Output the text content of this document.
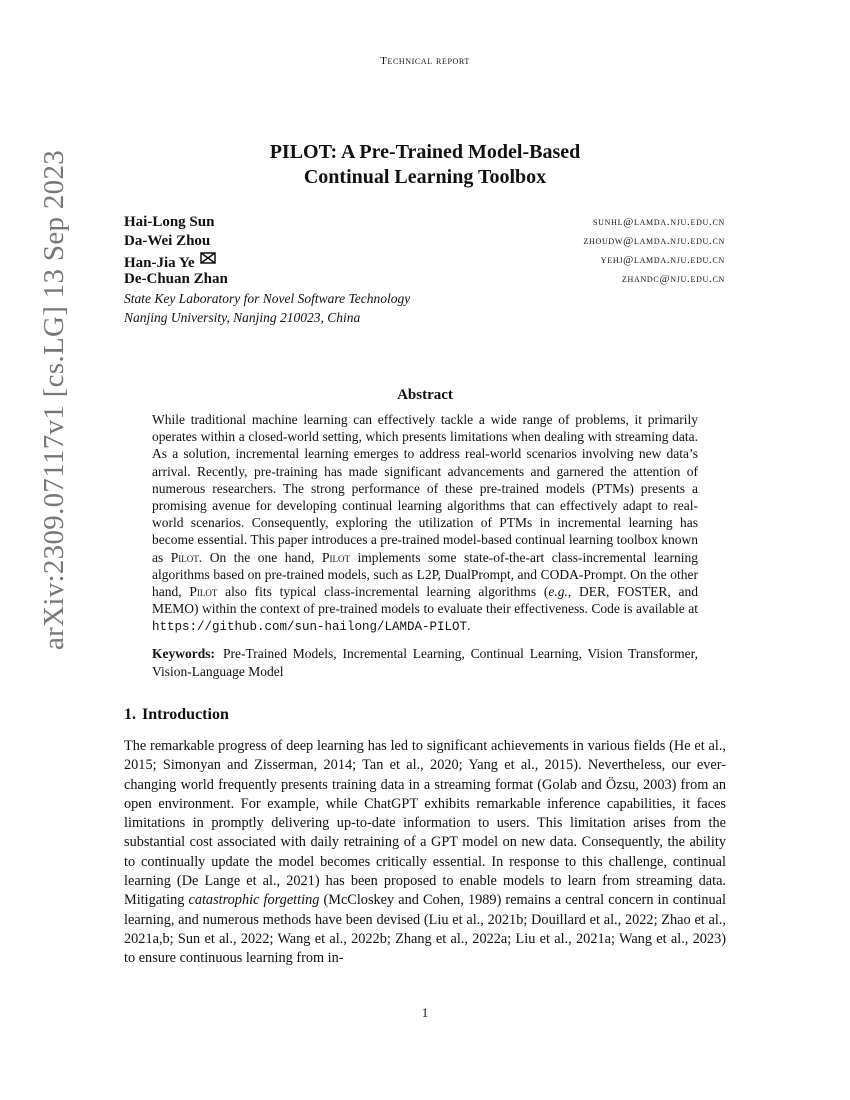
Technical report
arXiv:2309.07117v1 [cs.LG] 13 Sep 2023	PILOT: A Pre-Trained Model-Based
Continual Learning Toolbox
Hai-Long Sun
Da-Wei Zhou
Han-Jia Ye
De-Chuan Zhan
sunhl@lamda.nju.edu.cn
zhoudw@lamda.nju.edu.cn
yehj@lamda.nju.edu.cn
zhandc@nju.edu.cn
State Key Laboratory for Novel Software Technology
Nanjing University, Nanjing 210023, China
Abstract
While traditional machine learning can effectively tackle a wide range of problems, it primarily operates within a closed-world setting, which presents limitations when dealing with streaming data. As a solution, incremental learning emerges to address real-world scenarios involving new data’s arrival. Recently, pre-training has made significant advancements and garnered the attention of numerous researchers. The strong performance of these pre-trained models (PTMs) presents a promising avenue for developing continual learning algorithms that can effectively adapt to real-world scenarios. Consequently, exploring the utilization of PTMs in incremental learning has become essential. This paper introduces a pre-trained model-based continual learning toolbox known as Pilot. On the one hand, Pilot implements some state-of-the-art class-incremental learning algorithms based on pre-trained models, such as L2P, DualPrompt, and CODA-Prompt. On the other hand, Pilot also fits typical class-incremental learning algorithms (e.g., DER, FOSTER, and MEMO) within the context of pre-trained models to evaluate their effectiveness. Code is available at https://github.com/sun-hailong/LAMDA-PILOT.
Keywords: Pre-Trained Models, Incremental Learning, Continual Learning, Vision Transformer, Vision-Language Model
1. Introduction
The remarkable progress of deep learning has led to significant achievements in various fields (He et al., 2015; Simonyan and Zisserman, 2014; Tan et al., 2020; Yang et al., 2015). Nevertheless, our ever-changing world frequently presents training data in a streaming format (Golab and Özsu, 2003) from an open environment. For example, while ChatGPT exhibits remarkable inference capabilities, it faces limitations in promptly delivering up-to-date information to users. This limitation arises from the substantial cost associated with daily retraining of a GPT model on new data. Consequently, the ability to continually update the model becomes critically essential. In response to this challenge, continual learning (De Lange et al., 2021) has been proposed to enable models to learn from streaming data. Mitigating catastrophic forgetting (McCloskey and Cohen, 1989) remains a central concern in continual learning, and numerous methods have been devised (Liu et al., 2021b; Douillard et al., 2022; Zhao et al., 2021a,b; Sun et al., 2022; Wang et al., 2022b; Zhang et al., 2022a; Liu et al., 2021a; Wang et al., 2023) to ensure continuous learning from in-
1
